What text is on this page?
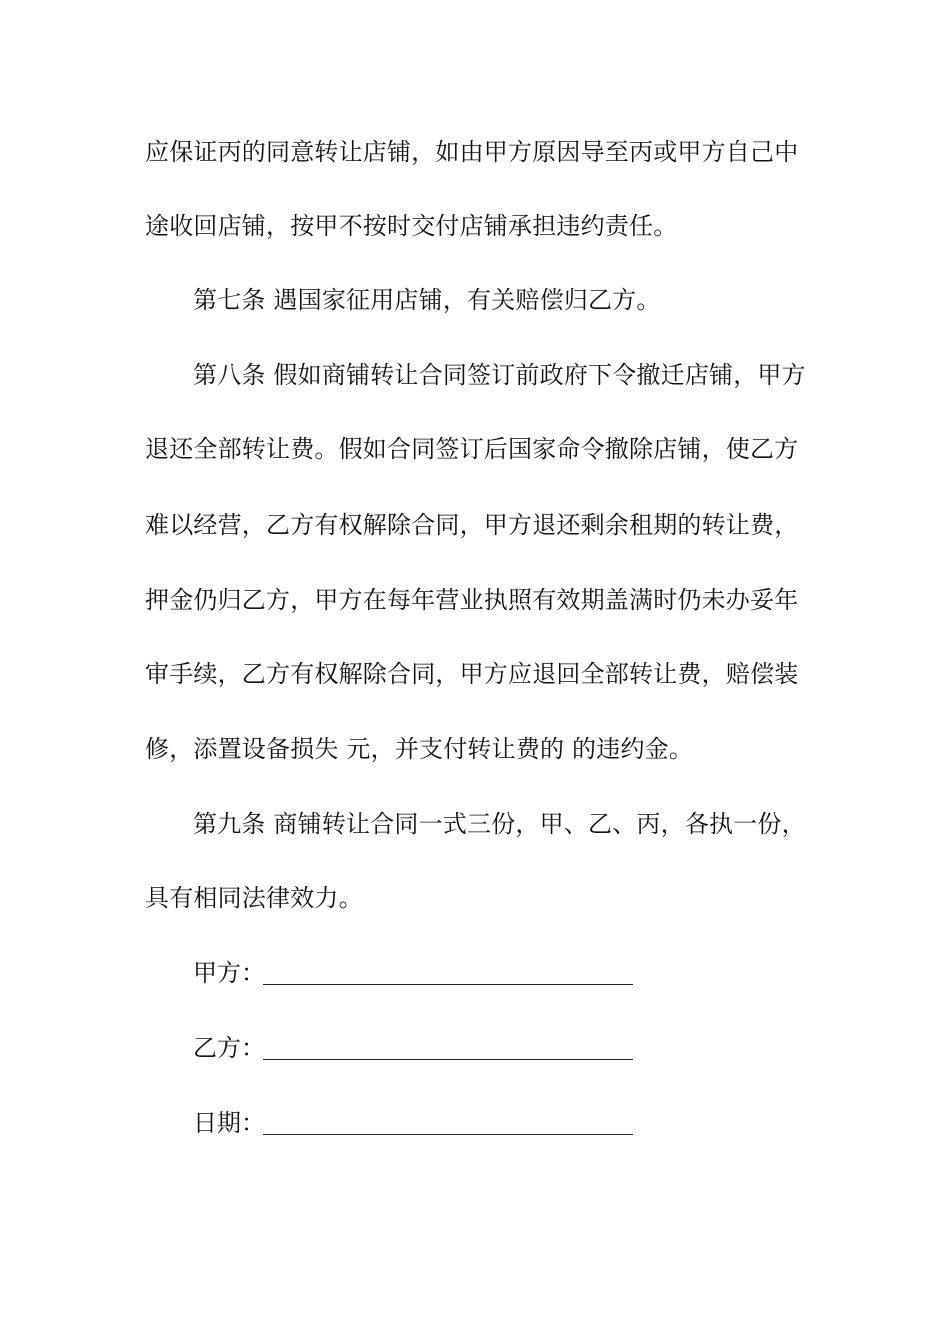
应保证丙的同意转让店铺，如由甲方原因导至丙或甲方自己中
途收回店铺，按甲不按时交付店铺承担违约责任。
第七条 遇国家征用店铺，有关赔偿归乙方。
第八条 假如商铺转让合同签订前政府下令撤迁店铺，甲方
退还全部转让费。假如合同签订后国家命令撤除店铺，使乙方
难以经营，乙方有权解除合同，甲方退还剩余租期的转让费，
押金仍归乙方，甲方在每年营业执照有效期盖满时仍未办妥年
审手续，乙方有权解除合同，甲方应退回全部转让费，赔偿装
修，添置设备损失 元，并支付转让费的 的违约金。
第九条 商铺转让合同一式三份，甲、乙、丙，各执一份，
具有相同法律效力。
甲方：
乙方：
日期：
